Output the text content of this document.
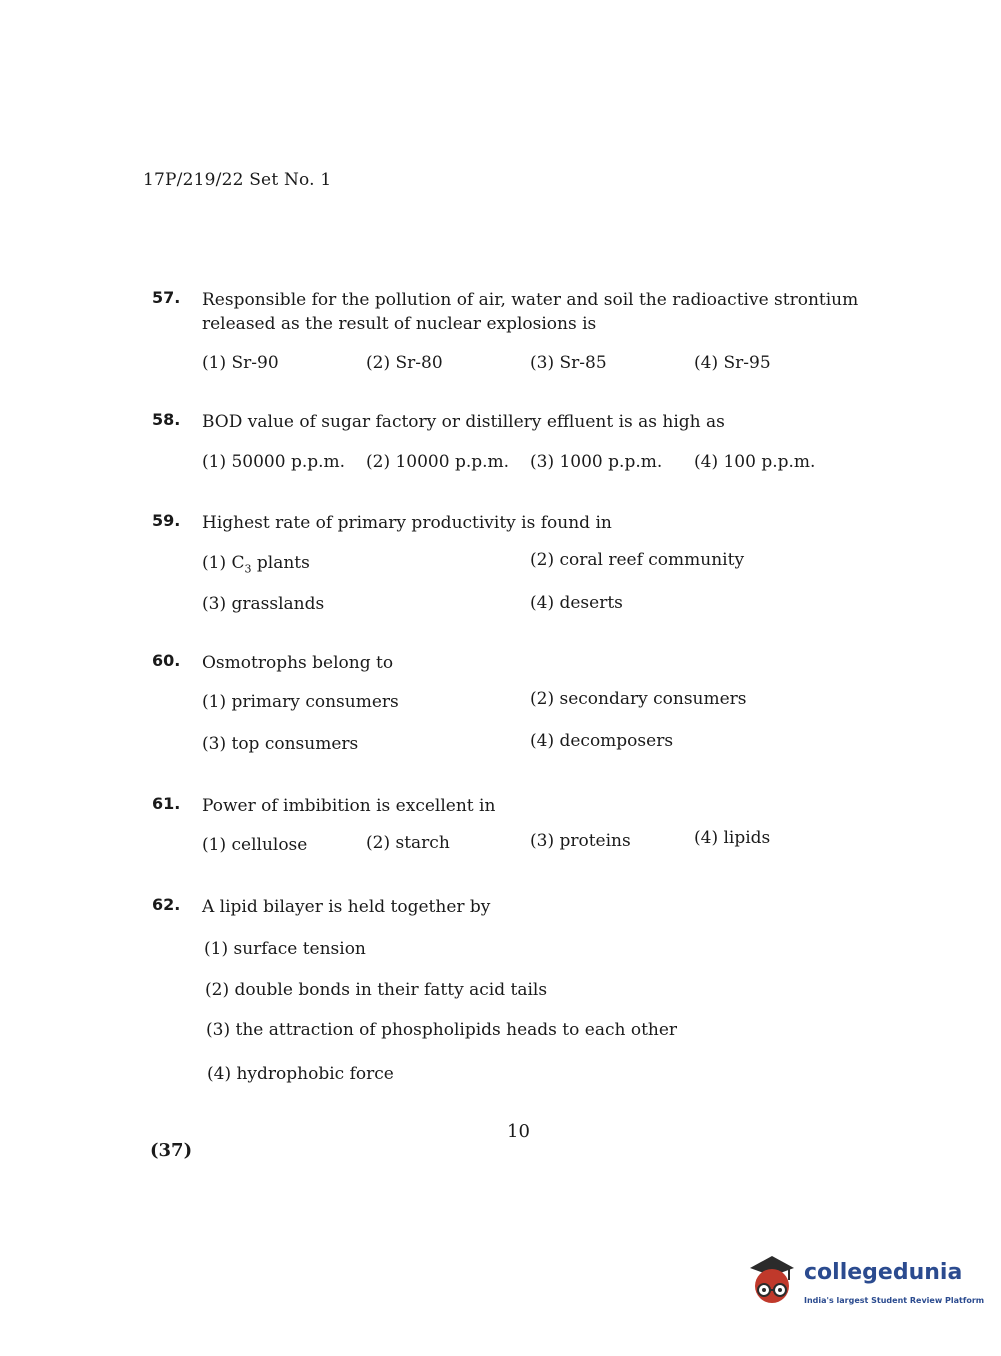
17P/219/22 Set No. 1
57. Responsible for the pollution of air, water and soil the radioactive strontium released as the result of nuclear explosions is
(1) Sr-90	(2) Sr-80	(3) Sr-85	(4) Sr-95
58. BOD value of sugar factory or distillery effluent is as high as
(1) 50000 p.p.m. (2) 10000 p.p.m. (3) 1000 p.p.m. (4) 100 p.p.m.
59. Highest rate of primary productivity is found in
(1) $C_3$ plants	(2) coral reef community
(3) grasslands	(4) deserts
60. Osmotrophs belong to
(1) primary consumers	(2) secondary consumers
(3) top consumers	(4) decomposers
61. Power of imbibition is excellent in
(1) cellulose	(2) starch	(3) proteins	(4) lipids
62. A lipid bilayer is held together by
(1) surface tension
(2) double bonds in their fatty acid tails
(3) the attraction of phospholipids heads to each other
(4) hydrophobic force
10
(37)
collegedunia
India's largest Student Review Platform
